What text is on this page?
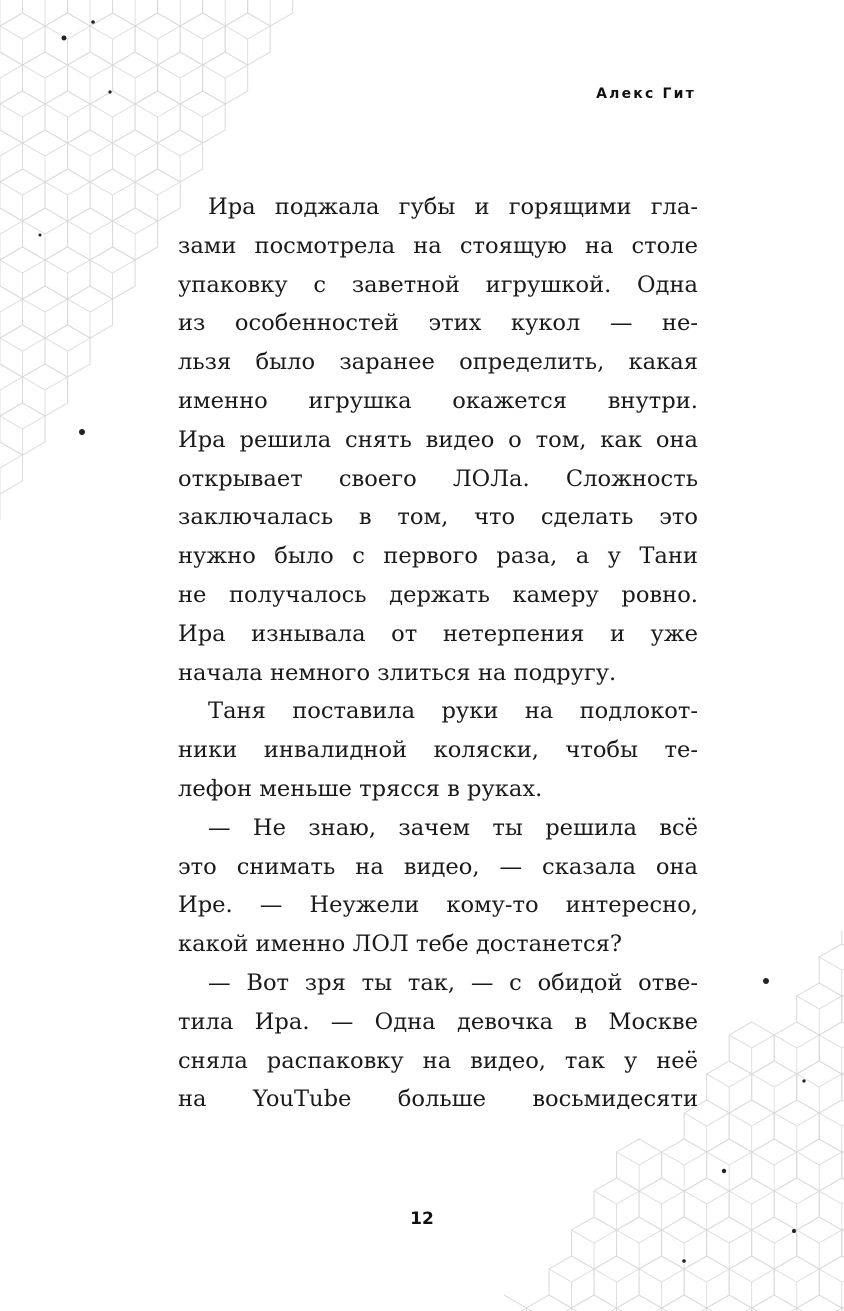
Алекс Гит

Ира поджала губы и горящими гла-

зами посмотрела на стоящую на столе

упаковку с заветной игрушкой. Одна

из особенностей этих кукол — не-

льзя было заранее определить, какая

именно игрушка окажется внутри.

Ира решила снять видео о том, как она

открывает своего ЛОЛа. Сложность

заключалась в том, что сделать это

нужно было с первого раза, а у Тани

не получалось держать камеру ровно.

Ира изнывала от нетерпения и уже

начала немного злиться на подругу.

Таня поставила руки на подлокот-

ники инвалидной коляски, чтобы те-

лефон меньше трясся в руках.

— Не знаю, зачем ты решила всё

это снимать на видео, — сказала она

Ире. — Неужели кому-то интересно,

какой именно ЛОЛ тебе достанется?

— Вот зря ты так, — с обидой отве-

тила Ира. — Одна девочка в Москве

сняла распаковку на видео, так у неё

на YouTube больше восьмидесяти

12
